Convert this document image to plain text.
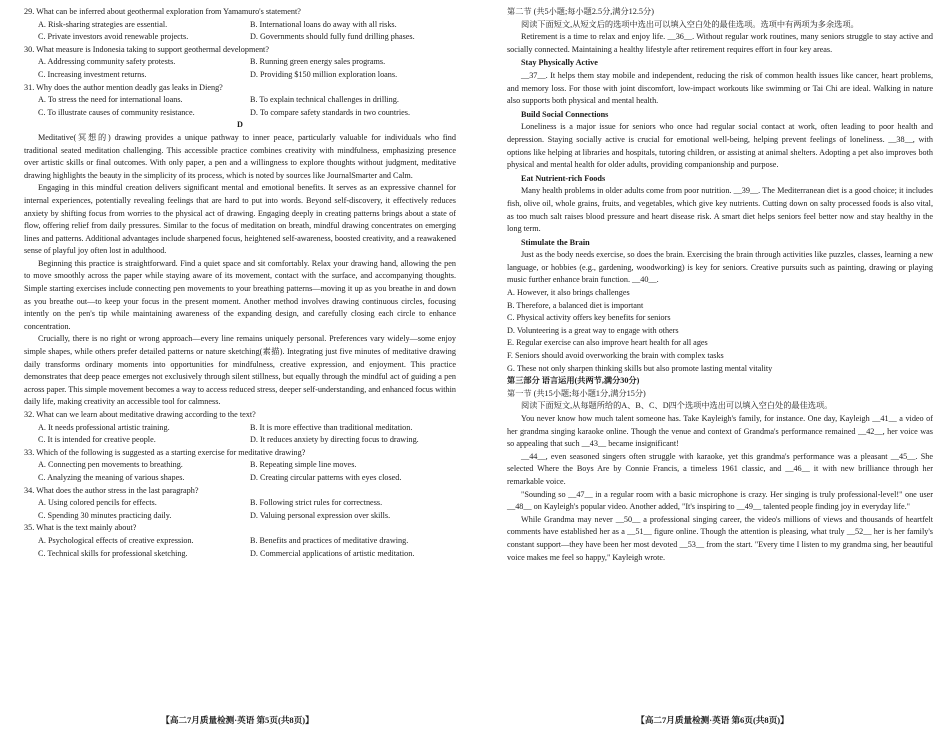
29. What can be inferred about geothermal exploration from Yamamuro's statement?

A. Risk-sharing strategies are essential.	B. International loans do away with all risks.
C. Private investors avoid renewable projects.	D. Governments should fully fund drilling phases.

30. What measure is Indonesia taking to support geothermal development?

A. Addressing community safety protests.	B. Running green energy sales programs.
C. Increasing investment returns.	D. Providing $150 million exploration loans.

31. Why does the author mention deadly gas leaks in Dieng?

A. To stress the need for international loans.	B. To explain technical challenges in drilling.
C. To illustrate causes of community resistance.	D. To compare safety standards in two countries.

D

Meditative(冥想的) drawing provides a unique pathway to inner peace, particularly valuable for individuals who find traditional seated meditation challenging. This accessible practice combines creativity with mindfulness, emphasizing presence over artistic skills or final outcomes. With only paper, a pen and a willingness to explore thoughts without judgment, meditative drawing highlights the beauty in the simplicity of its process, which is noted by sources like JournalSmarter and Calm.

Engaging in this mindful creation delivers significant mental and emotional benefits. It serves as an expressive channel for internal experiences, potentially revealing feelings that are hard to put into words. Beyond self-discovery, it effectively reduces anxiety by shifting focus from worries to the physical act of drawing. Engaging deeply in creating patterns brings about a state of flow, offering relief from daily pressures. Similar to the focus of meditation on breath, mindful drawing concentrates on emerging lines and patterns. Additional advantages include sharpened focus, heightened self-awareness, boosted creativity, and a reawakened sense of playful joy often lost in adulthood.

Beginning this practice is straightforward. Find a quiet space and sit comfortably. Relax your drawing hand, allowing the pen to move smoothly across the paper while staying aware of its movement, contact with the surface, and accompanying thoughts. Simple starting exercises include connecting pen movements to your breathing patterns—moving it up as you breathe in and down as you breathe out—to keep your focus in the present moment. Another method involves drawing continuous circles, focusing intently on the pen's tip while maintaining awareness of the expanding design, and carefully closing each circle to enhance concentration.

Crucially, there is no right or wrong approach—every line remains uniquely personal. Preferences vary widely—some enjoy simple shapes, while others prefer detailed patterns or nature sketching(素描). Integrating just five minutes of meditative drawing daily transforms ordinary moments into opportunities for mindfulness, creative expression, and enjoyment. This practice demonstrates that deep peace emerges not exclusively through silent stillness, but equally through the mindful act of guiding a pen across paper. This simple movement becomes a way to access reduced stress, deeper self-understanding, and enhanced focus within daily life, making creativity an accessible tool for calmness.

32. What can we learn about meditative drawing according to the text?

A. It needs professional artistic training.	B. It is more effective than traditional meditation.
C. It is intended for creative people.	D. It reduces anxiety by directing focus to drawing.

33. Which of the following is suggested as a starting exercise for meditative drawing?

A. Connecting pen movements to breathing.	B. Repeating simple line moves.
C. Analyzing the meaning of various shapes.	D. Creating circular patterns with eyes closed.

34. What does the author stress in the last paragraph?

A. Using colored pencils for effects.	B. Following strict rules for correctness.
C. Spending 30 minutes practicing daily.	D. Valuing personal expression over skills.

35. What is the text mainly about?

A. Psychological effects of creative expression.	B. Benefits and practices of meditative drawing.
C. Technical skills for professional sketching.	D. Commercial applications of artistic meditation.
【高二7月质量检测·英语 第5页(共8页)】

第二节 (共5小题;每小题2.5分,满分12.5分)

阅读下面短文,从短文后的选项中选出可以填入空白处的最佳选项。选项中有两项为多余选项。

Retirement is a time to relax and enjoy life. __36__. Without regular work routines, many seniors struggle to stay active and socially connected. Maintaining a healthy lifestyle after retirement requires effort in four key areas.

Stay Physically Active

__37__. It helps them stay mobile and independent, reducing the risk of common health issues like cancer, heart problems, and memory loss. For those with joint discomfort, low-impact workouts like swimming or Tai Chi are ideal. Walking in nature also supports both physical and mental health.

Build Social Connections

Loneliness is a major issue for seniors who once had regular social contact at work, often leading to poor health and depression. Staying socially active is crucial for emotional well-being, helping prevent feelings of loneliness. __38__, with options like helping at libraries and hospitals, tutoring children, or assisting at animal shelters. Adopting a pet also improves both physical and mental health for older adults, providing companionship and purpose.

Eat Nutrient-rich Foods

Many health problems in older adults come from poor nutrition. __39__. The Mediterranean diet is a good choice; it includes fish, olive oil, whole grains, fruits, and vegetables, which give key nutrients. Cutting down on salty processed foods is also vital, as too much salt raises blood pressure and heart disease risk. A smart diet helps seniors feel better now and stay healthy in the long term.

Stimulate the Brain

Just as the body needs exercise, so does the brain. Exercising the brain through activities like puzzles, classes, learning a new language, or hobbies (e.g., gardening, woodworking) is key for seniors. Creative pursuits such as painting, drawing or playing music further enhance brain function. __40__.

A. However, it also brings challenges

B. Therefore, a balanced diet is important

C. Physical activity offers key benefits for seniors

D. Volunteering is a great way to engage with others

E. Regular exercise can also improve heart health for all ages

F. Seniors should avoid overworking the brain with complex tasks

G. These not only sharpen thinking skills but also promote lasting mental vitality

第三部分 语言运用(共两节,满分30分)

第一节 (共15小题;每小题1分,满分15分)

阅读下面短文,从每题所给的A、B、C、D四个选项中选出可以填入空白处的最佳选项。

You never know how much talent someone has. Take Kayleigh's family, for instance. One day, Kayleigh __41__ a video of her grandma singing karaoke online. Though the venue and context of Grandma's performance remained __42__, her voice was so appealing that such __43__ became insignificant!

__44__, even seasoned singers often struggle with karaoke, yet this grandma's performance was a pleasant __45__. She selected Where the Boys Are by Connie Francis, a timeless 1961 classic, and __46__ it with new brilliance through her remarkable voice.

"Sounding so __47__ in a regular room with a basic microphone is crazy. Her singing is truly professional-level!" one user __48__ on Kayleigh's popular video. Another added, "It's inspiring to __49__ talented people finding joy in everyday life."

While Grandma may never __50__ a professional singing career, the video's millions of views and thousands of heartfelt comments have established her as a __51__ figure online. Though the attention is pleasing, what truly __52__ her is her family's constant support—they have been her most devoted __53__ from the start. "Every time I listen to my grandma sing, her beautiful voice makes me feel so happy," Kayleigh wrote.

【高二7月质量检测·英语 第6页(共8页)】
